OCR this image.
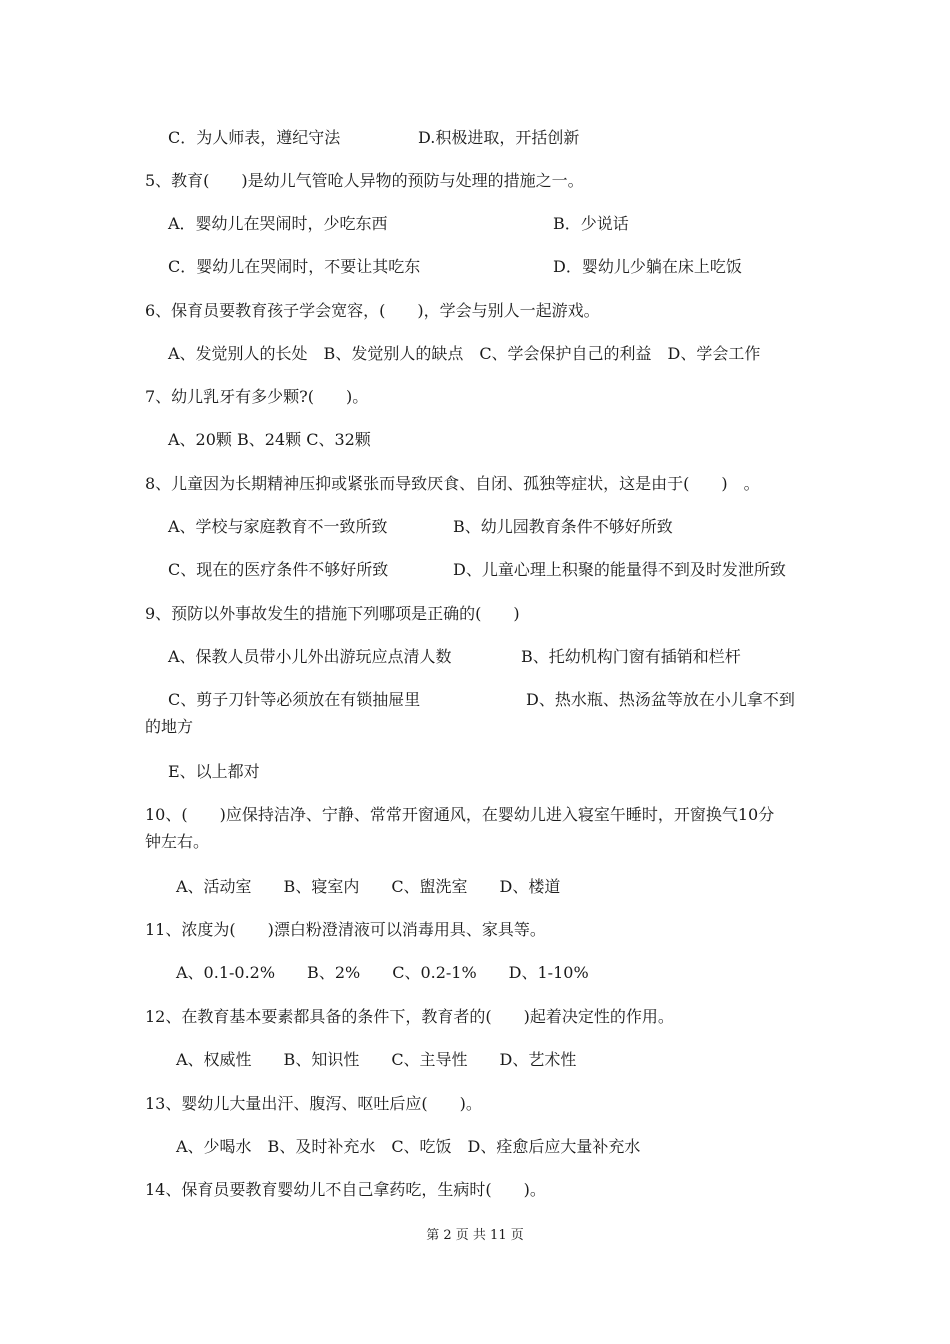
C．为人师表，遵纪守法	D.积极进取，开括创新
5、教育(　　)是幼儿气管呛人异物的预防与处理的措施之一。
A．婴幼儿在哭闹时，少吃东西	B．少说话
C．婴幼儿在哭闹时，不要让其吃东	D．婴幼儿少躺在床上吃饭
6、保育员要教育孩子学会宽容，(　　)，学会与别人一起游戏。
A、发觉别人的长处　B、发觉别人的缺点　C、学会保护自己的利益　D、学会工作
7、幼儿乳牙有多少颗?(　　)。
A、20颗 B、24颗 C、32颗
8、儿童因为长期精神压抑或紧张而导致厌食、自闭、孤独等症状，这是由于(　　)　。
A、学校与家庭教育不一致所致	B、幼儿园教育条件不够好所致
C、现在的医疗条件不够好所致	D、儿童心理上积聚的能量得不到及时发泄所致
9、预防以外事故发生的措施下列哪项是正确的(　　)
A、保教人员带小儿外出游玩应点清人数	B、托幼机构门窗有插销和栏杆
C、剪子刀针等必须放在有锁抽屉里	D、热水瓶、热汤盆等放在小儿拿不到
的地方
E、以上都对
10、(　　)应保持洁净、宁静、常常开窗通风，在婴幼儿进入寝室午睡时，开窗换气10分
钟左右。
A、活动室　　B、寝室内　　C、盥洗室　　D、楼道
11、浓度为(　　)漂白粉澄清液可以消毒用具、家具等。
A、0.1-0.2%　　B、2%　　C、0.2-1%　　D、1-10%
12、在教育基本要素都具备的条件下，教育者的(　　)起着决定性的作用。
A、权威性　　B、知识性　　C、主导性　　D、艺术性
13、婴幼儿大量出汗、腹泻、呕吐后应(　　)。
A、少喝水　B、及时补充水　C、吃饭　D、痊愈后应大量补充水
14、保育员要教育婴幼儿不自己拿药吃，生病时(　　)。
第 2 页 共 11 页
